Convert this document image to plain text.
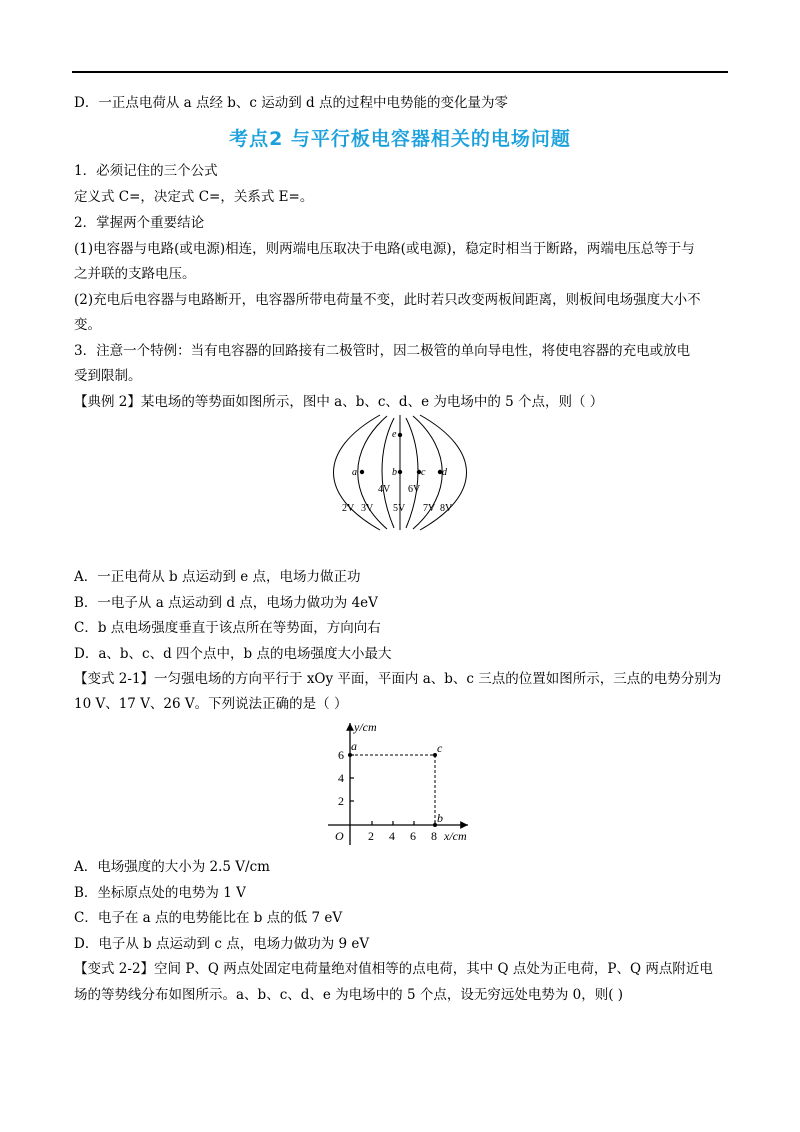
D．一正点电荷从 a 点经 b、c 运动到 d 点的过程中电势能的变化量为零
考点2 与平行板电容器相关的电场问题
1．必须记住的三个公式
定义式 C=，决定式 C=，关系式 E=。
2．掌握两个重要结论
(1)电容器与电路(或电源)相连，则两端电压取决于电路(或电源)，稳定时相当于断路，两端电压总等于与
之并联的支路电压。
(2)充电后电容器与电路断开，电容器所带电荷量不变，此时若只改变两板间距离，则板间电场强度大小不
变。
3．注意一个特例：当有电容器的回路接有二极管时，因二极管的单向导电性，将使电容器的充电或放电
受到限制。
【典例 2】某电场的等势面如图所示，图中 a、b、c、d、e 为电场中的 5 个点，则（ ）
a	b c d
e
4V 6V
2V 3V 5V 7V 8V
A．一正电荷从 b 点运动到 e 点，电场力做正功
B．一电子从 a 点运动到 d 点，电场力做功为 4eV
C．b 点电场强度垂直于该点所在等势面，方向向右
D．a、b、c、d 四个点中，b 点的电场强度大小最大
【变式 2-1】一匀强电场的方向平行于 xOy 平面，平面内 a、b、c 三点的位置如图所示，三点的电势分别为
10 V、17 V、26 V。下列说法正确的是（ ）
y/cm
x/cm
O
a
b
c
2 4 6 8
2
4
6
A．电场强度的大小为 2.5 V/cm
B．坐标原点处的电势为 1 V
C．电子在 a 点的电势能比在 b 点的低 7 eV
D．电子从 b 点运动到 c 点，电场力做功为 9 eV
【变式 2-2】空间 P、Q 两点处固定电荷量绝对值相等的点电荷，其中 Q 点处为正电荷，P、Q 两点附近电
场的等势线分布如图所示。a、b、c、d、e 为电场中的 5 个点，设无穷远处电势为 0，则( )
